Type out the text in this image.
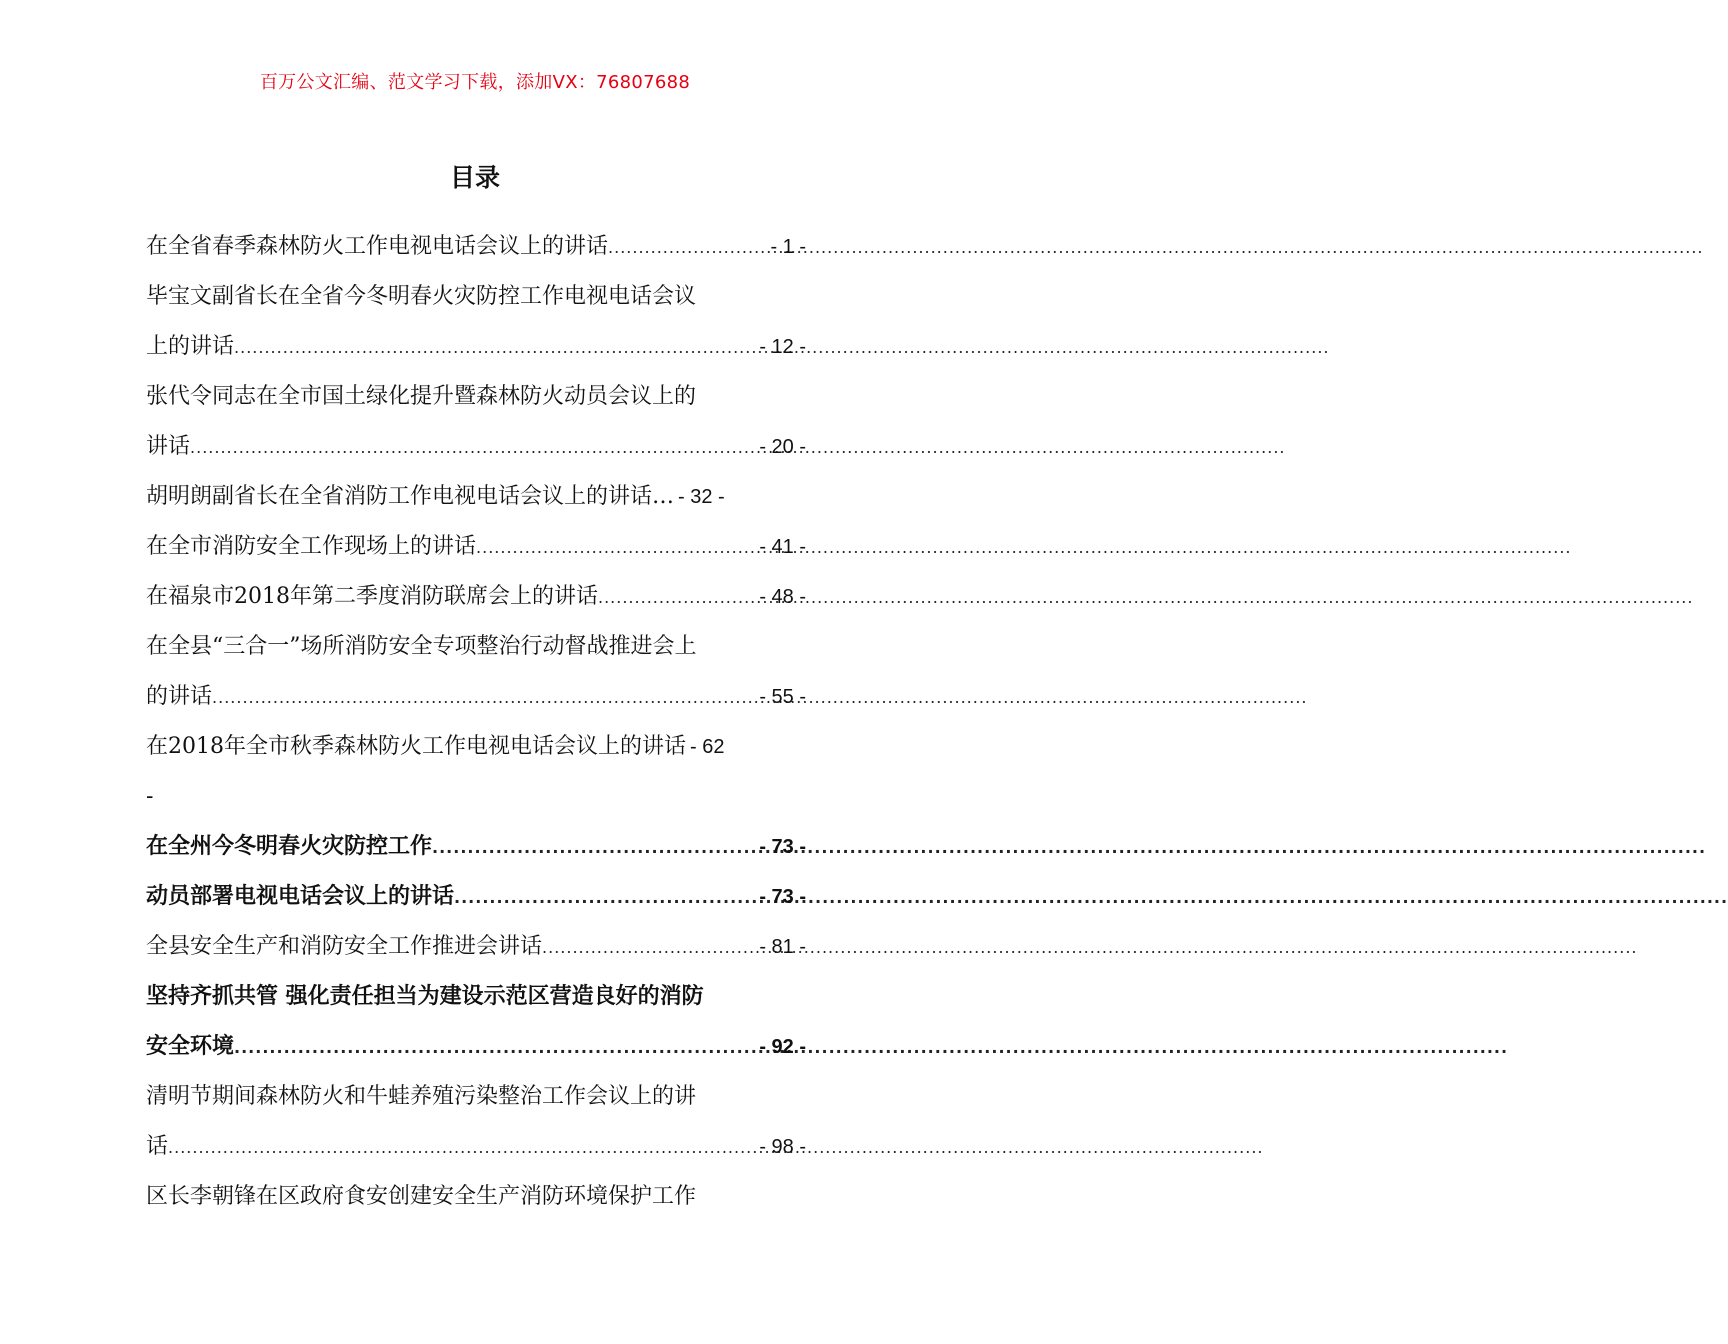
百万公文汇编、范文学习下载，添加VX：76807688
目录
在全省春季森林防火工作电视电话会议上的讲话 .....	- 1 -
毕宝文副省长在全省今冬明春火灾防控工作电视电话会议
上的讲话 .....	- 12 -
张代令同志在全市国土绿化提升暨森林防火动员会议上的
讲话 .....	- 20 -
胡明朗副省长在全省消防工作电视电话会议上的讲话… - 32 -
在全市消防安全工作现场上的讲话 .....	- 41 -
在福泉市2018年第二季度消防联席会上的讲话 .....	- 48 -
在全县“三合一”场所消防安全专项整治行动督战推进会上
的讲话 .....	- 55 -
在2018年全市秋季森林防火工作电视电话会议上的讲话 - 62
-
在全州今冬明春火灾防控工作 .....	- 73 -
动员部署电视电话会议上的讲话 .....	- 73 -
全县安全生产和消防安全工作推进会讲话 .....	- 81 -
坚持齐抓共管 强化责任担当为建设示范区营造良好的消防
安全环境 .....	- 92 -
清明节期间森林防火和牛蛙养殖污染整治工作会议上的讲
话 .....	- 98 -
区长李朝锋在区政府食安创建安全生产消防环境保护工作
